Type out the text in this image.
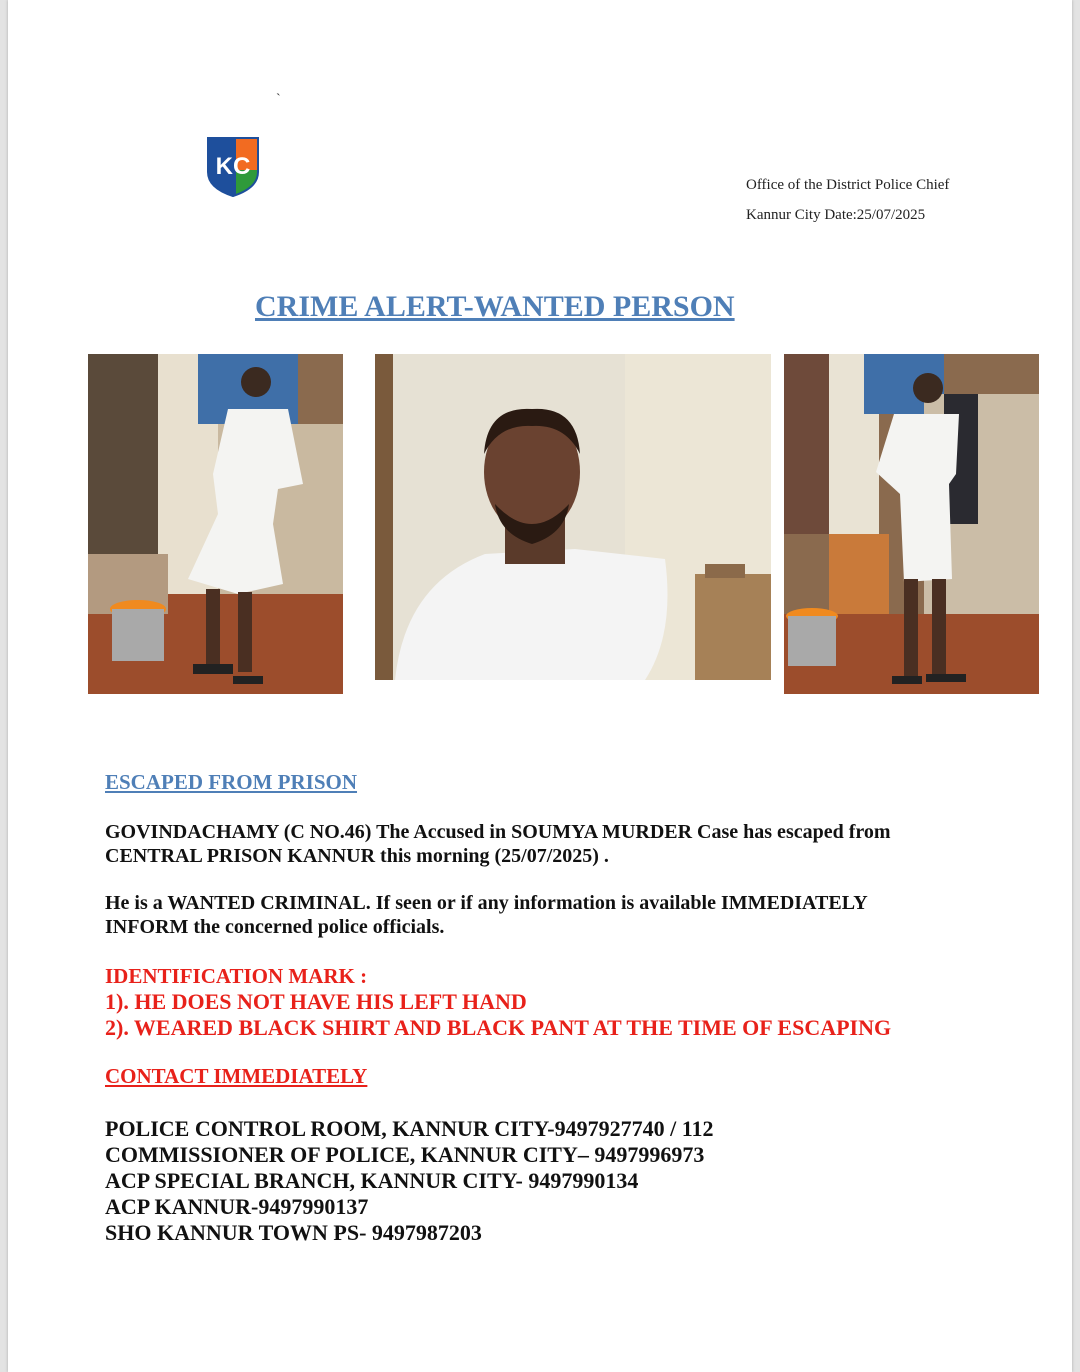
`
KC
Office of the District Police Chief
Kannur City Date:25/07/2025
CRIME ALERT-WANTED PERSON
ESCAPED FROM PRISON
GOVINDACHAMY (C NO.46) The Accused in SOUMYA MURDER Case has escaped from
CENTRAL PRISON KANNUR this morning (25/07/2025) .
He is a WANTED CRIMINAL. If seen or if any information is available IMMEDIATELY
INFORM the concerned police officials.
IDENTIFICATION MARK :
1). HE DOES NOT HAVE HIS LEFT HAND
2). WEARED BLACK SHIRT AND BLACK PANT AT THE TIME OF ESCAPING
CONTACT IMMEDIATELY
POLICE CONTROL ROOM, KANNUR CITY-9497927740 / 112
COMMISSIONER OF POLICE, KANNUR CITY– 9497996973
ACP SPECIAL BRANCH, KANNUR CITY- 9497990134
ACP KANNUR-9497990137
SHO KANNUR TOWN PS- 9497987203
